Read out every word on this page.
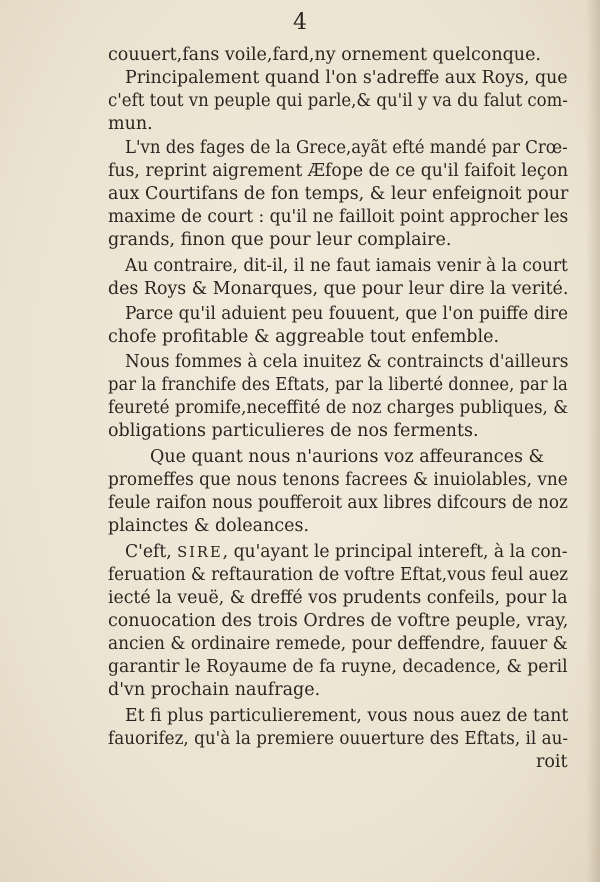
4
couuert,fans voile,fard,ny ornement quelconque.
Principalement quand l'on s'adreffe aux Roys, que
c'eft tout vn peuple qui parle,& qu'il y va du falut com-
mun.
L'vn des fages de la Grece,ayãt efté mandé par Crœ-
fus, reprint aigrement Æfope de ce qu'il faifoit leçon
aux Courtifans de fon temps, & leur enfeignoit pour
maxime de court : qu'il ne failloit point approcher les
grands, finon que pour leur complaire.
Au contraire, dit-il, il ne faut iamais venir à la court
des Roys & Monarques, que pour leur dire la verité.
Parce qu'il aduient peu fouuent, que l'on puiffe dire
chofe profitable & aggreable tout enfemble.
Nous fommes à cela inuitez & contraincts d'ailleurs
par la franchife des Eftats, par la liberté donnee, par la
feureté promife,neceffité de noz charges publiques, &
obligations particulieres de nos ferments.
Que quant nous n'aurions voz affeurances &
promeffes que nous tenons facrees & inuiolables, vne
feule raifon nous poufferoit aux libres difcours de noz
plainctes & doleances.
C'eft, SIRE, qu'ayant le principal intereft, à la con-
feruation & reftauration de voftre Eftat,vous feul auez
iecté la veuë, & dreffé vos prudents confeils, pour la
conuocation des trois Ordres de voftre peuple, vray,
ancien & ordinaire remede, pour deffendre, fauuer &
garantir le Royaume de fa ruyne, decadence, & peril
d'vn prochain naufrage.
Et fi plus particulierement, vous nous auez de tant
fauorifez, qu'à la premiere ouuerture des Eftats, il au-
roit
